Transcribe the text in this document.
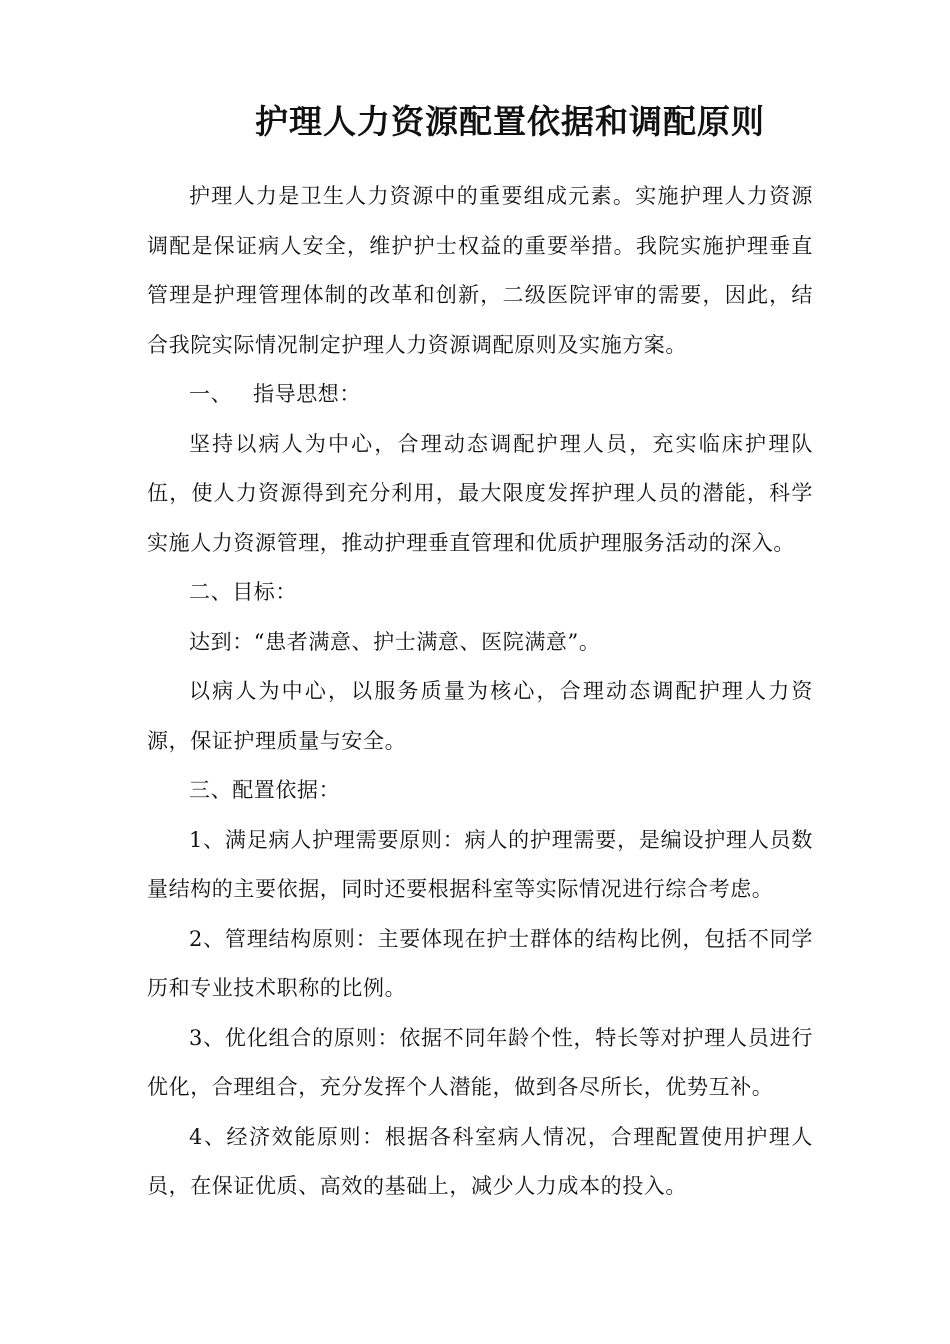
护理人力资源配置依据和调配原则

护理人力是卫生人力资源中的重要组成元素。实施护理人力资源调配是保证病人安全，维护护士权益的重要举措。我院实施护理垂直管理是护理管理体制的改革和创新，二级医院评审的需要，因此，结合我院实际情况制定护理人力资源调配原则及实施方案。

一、 指导思想：

坚持以病人为中心，合理动态调配护理人员，充实临床护理队伍，使人力资源得到充分利用，最大限度发挥护理人员的潜能，科学实施人力资源管理，推动护理垂直管理和优质护理服务活动的深入。

二、目标：

达到：“患者满意、护士满意、医院满意”。

以病人为中心，以服务质量为核心，合理动态调配护理人力资源，保证护理质量与安全。

三、配置依据：

1、满足病人护理需要原则：病人的护理需要，是编设护理人员数量结构的主要依据，同时还要根据科室等实际情况进行综合考虑。

2、管理结构原则：主要体现在护士群体的结构比例，包括不同学历和专业技术职称的比例。

3、优化组合的原则：依据不同年龄个性，特长等对护理人员进行优化，合理组合，充分发挥个人潜能，做到各尽所长，优势互补。

4、经济效能原则：根据各科室病人情况，合理配置使用护理人员，在保证优质、高效的基础上，减少人力成本的投入。
